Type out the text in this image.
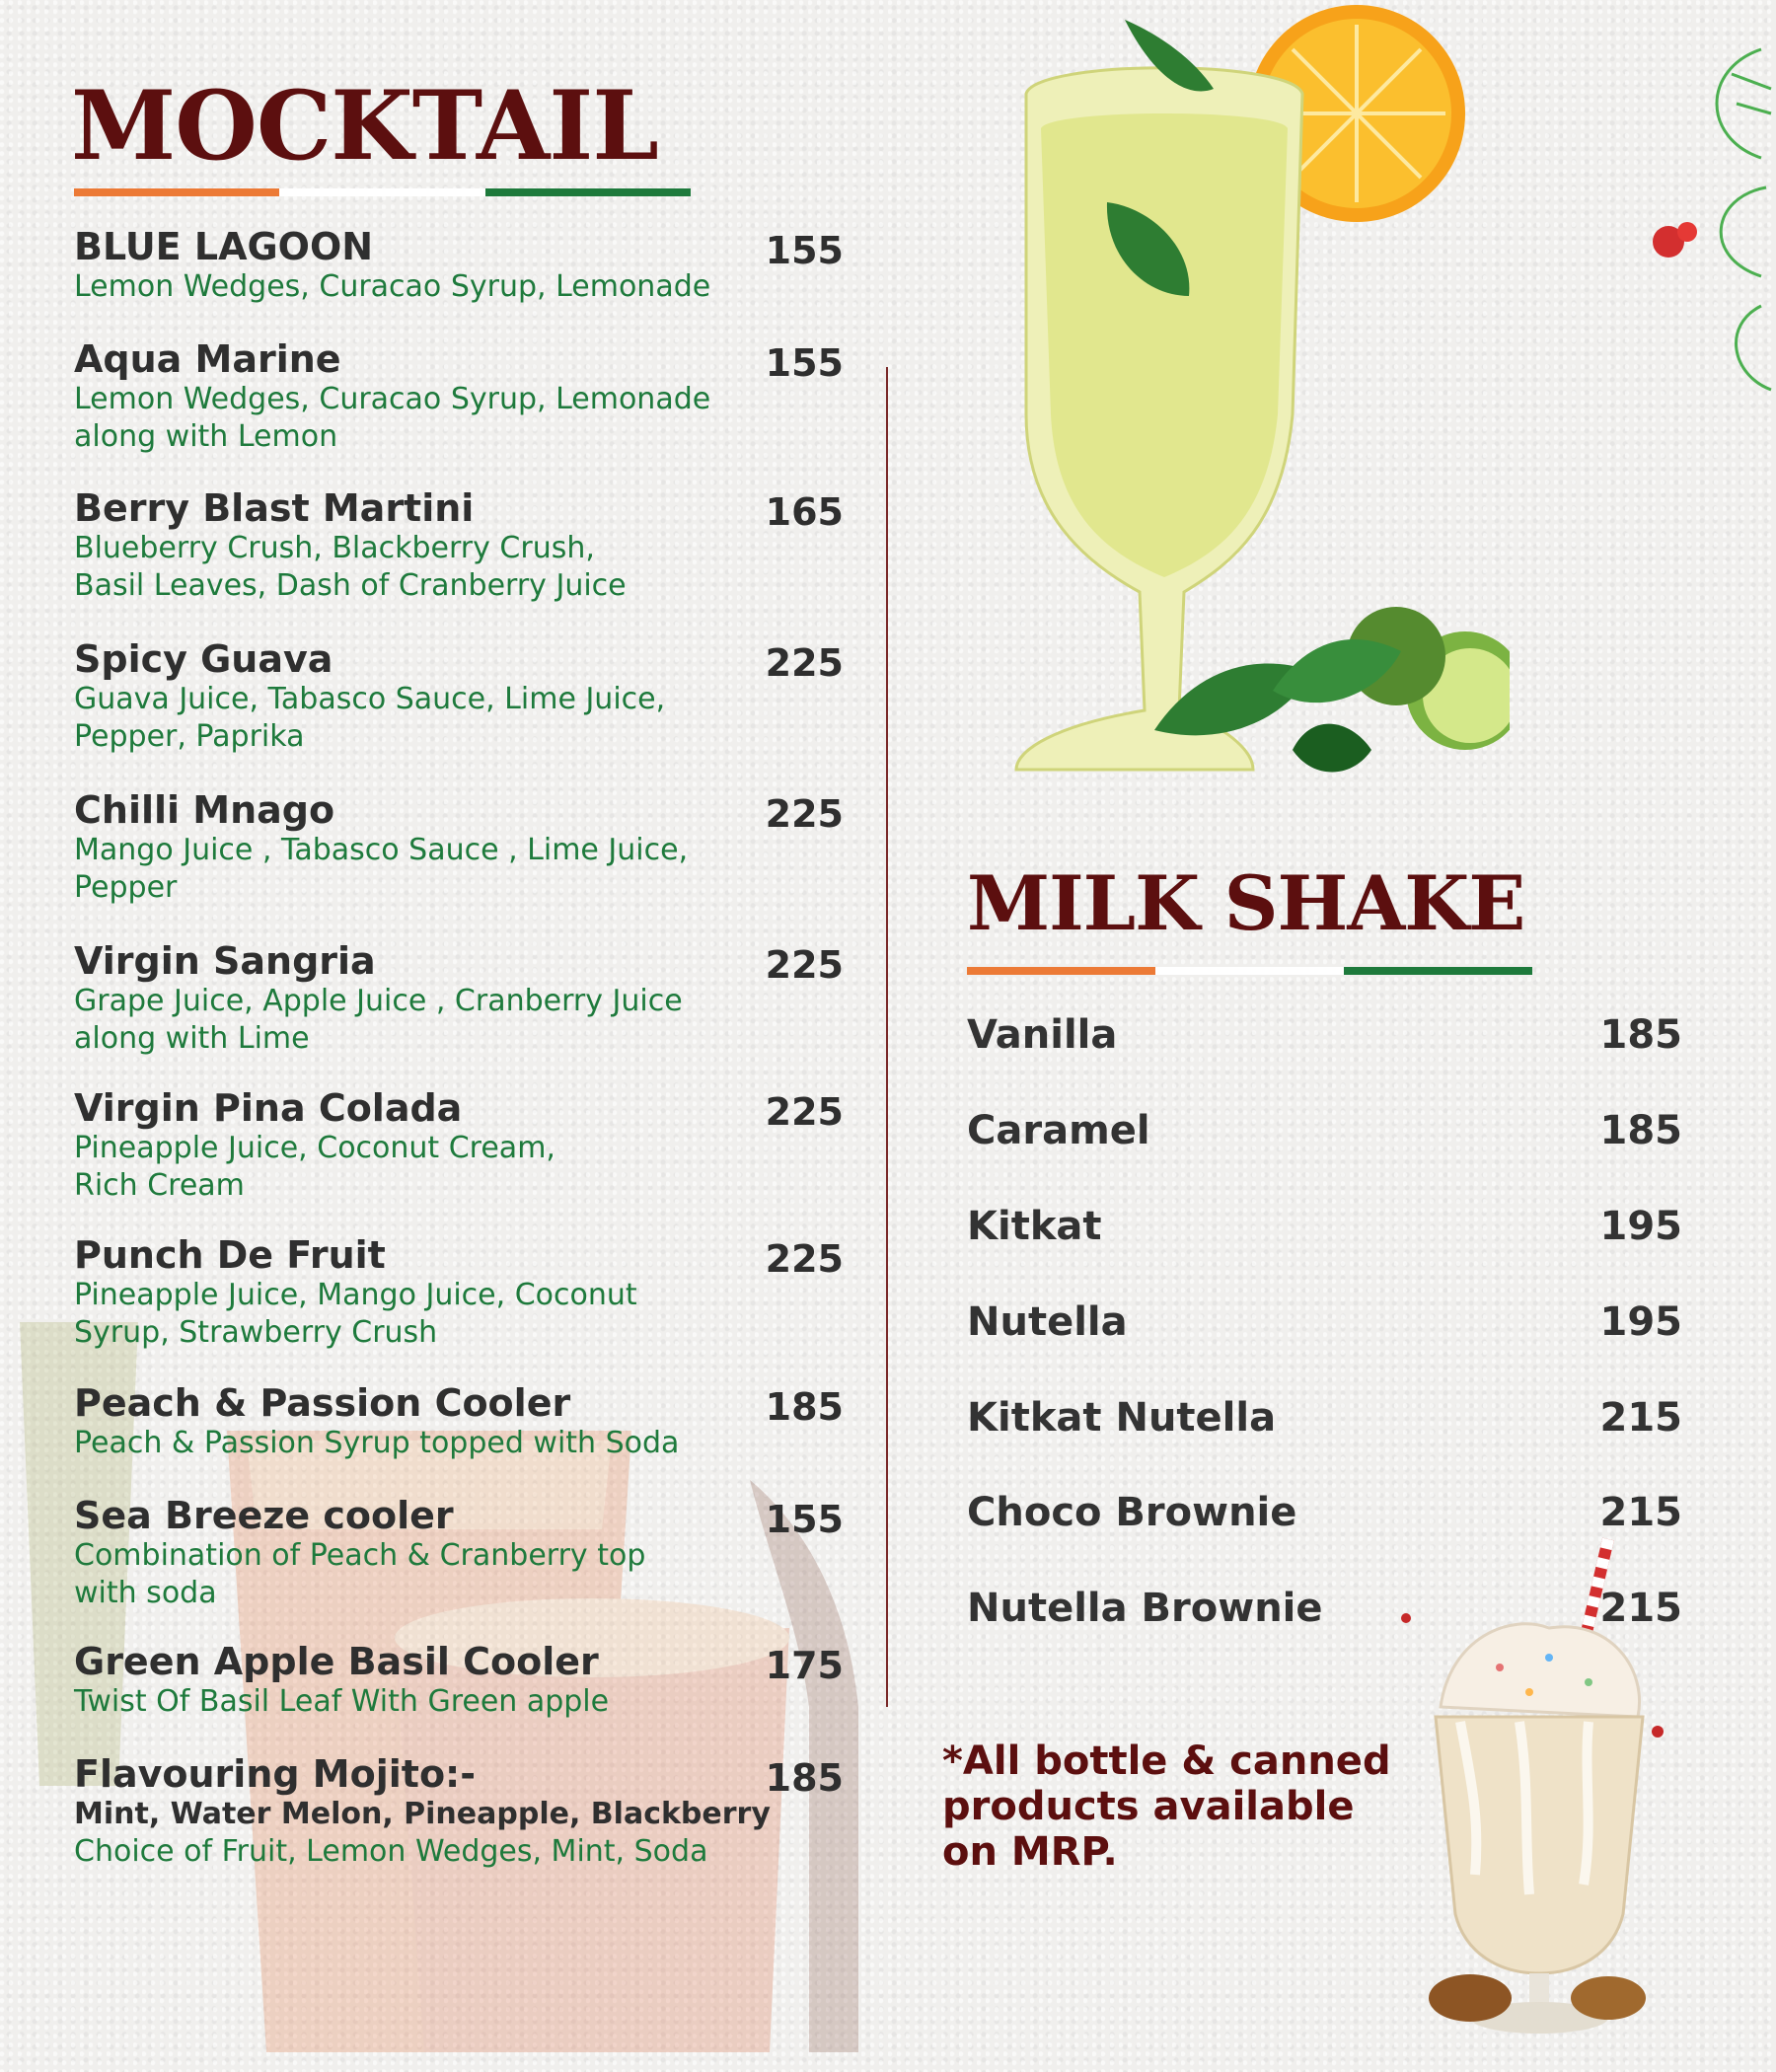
MOCKTAIL
BLUE LAGOON
Lemon Wedges, Curacao Syrup, Lemonade
155
Aqua Marine
Lemon Wedges, Curacao Syrup, Lemonade
along with Lemon
155
Berry Blast Martini
Blueberry Crush, Blackberry Crush,
Basil Leaves, Dash of Cranberry Juice
165
Spicy Guava
Guava Juice, Tabasco Sauce, Lime Juice,
Pepper, Paprika
225
Chilli Mnago
Mango Juice , Tabasco Sauce , Lime Juice,
Pepper
225
Virgin Sangria
Grape Juice, Apple Juice , Cranberry Juice
along with Lime
225
Virgin Pina Colada
Pineapple Juice, Coconut Cream,
Rich Cream
225
Punch De Fruit
Pineapple Juice, Mango Juice, Coconut
Syrup, Strawberry Crush
225
Peach & Passion Cooler
Peach & Passion Syrup topped with Soda
185
Sea Breeze cooler
Combination of Peach & Cranberry top
with soda
155
Green Apple Basil Cooler
Twist Of Basil Leaf With Green apple
175
Flavouring Mojito:-
Mint, Water Melon, Pineapple, Blackberry
Choice of Fruit, Lemon Wedges, Mint, Soda
185
MILK SHAKE
Vanilla	185
Caramel	185
Kitkat	195
Nutella	195
Kitkat Nutella	215
Choco Brownie	215
Nutella Brownie	215
*All bottle & canned products available on MRP.
